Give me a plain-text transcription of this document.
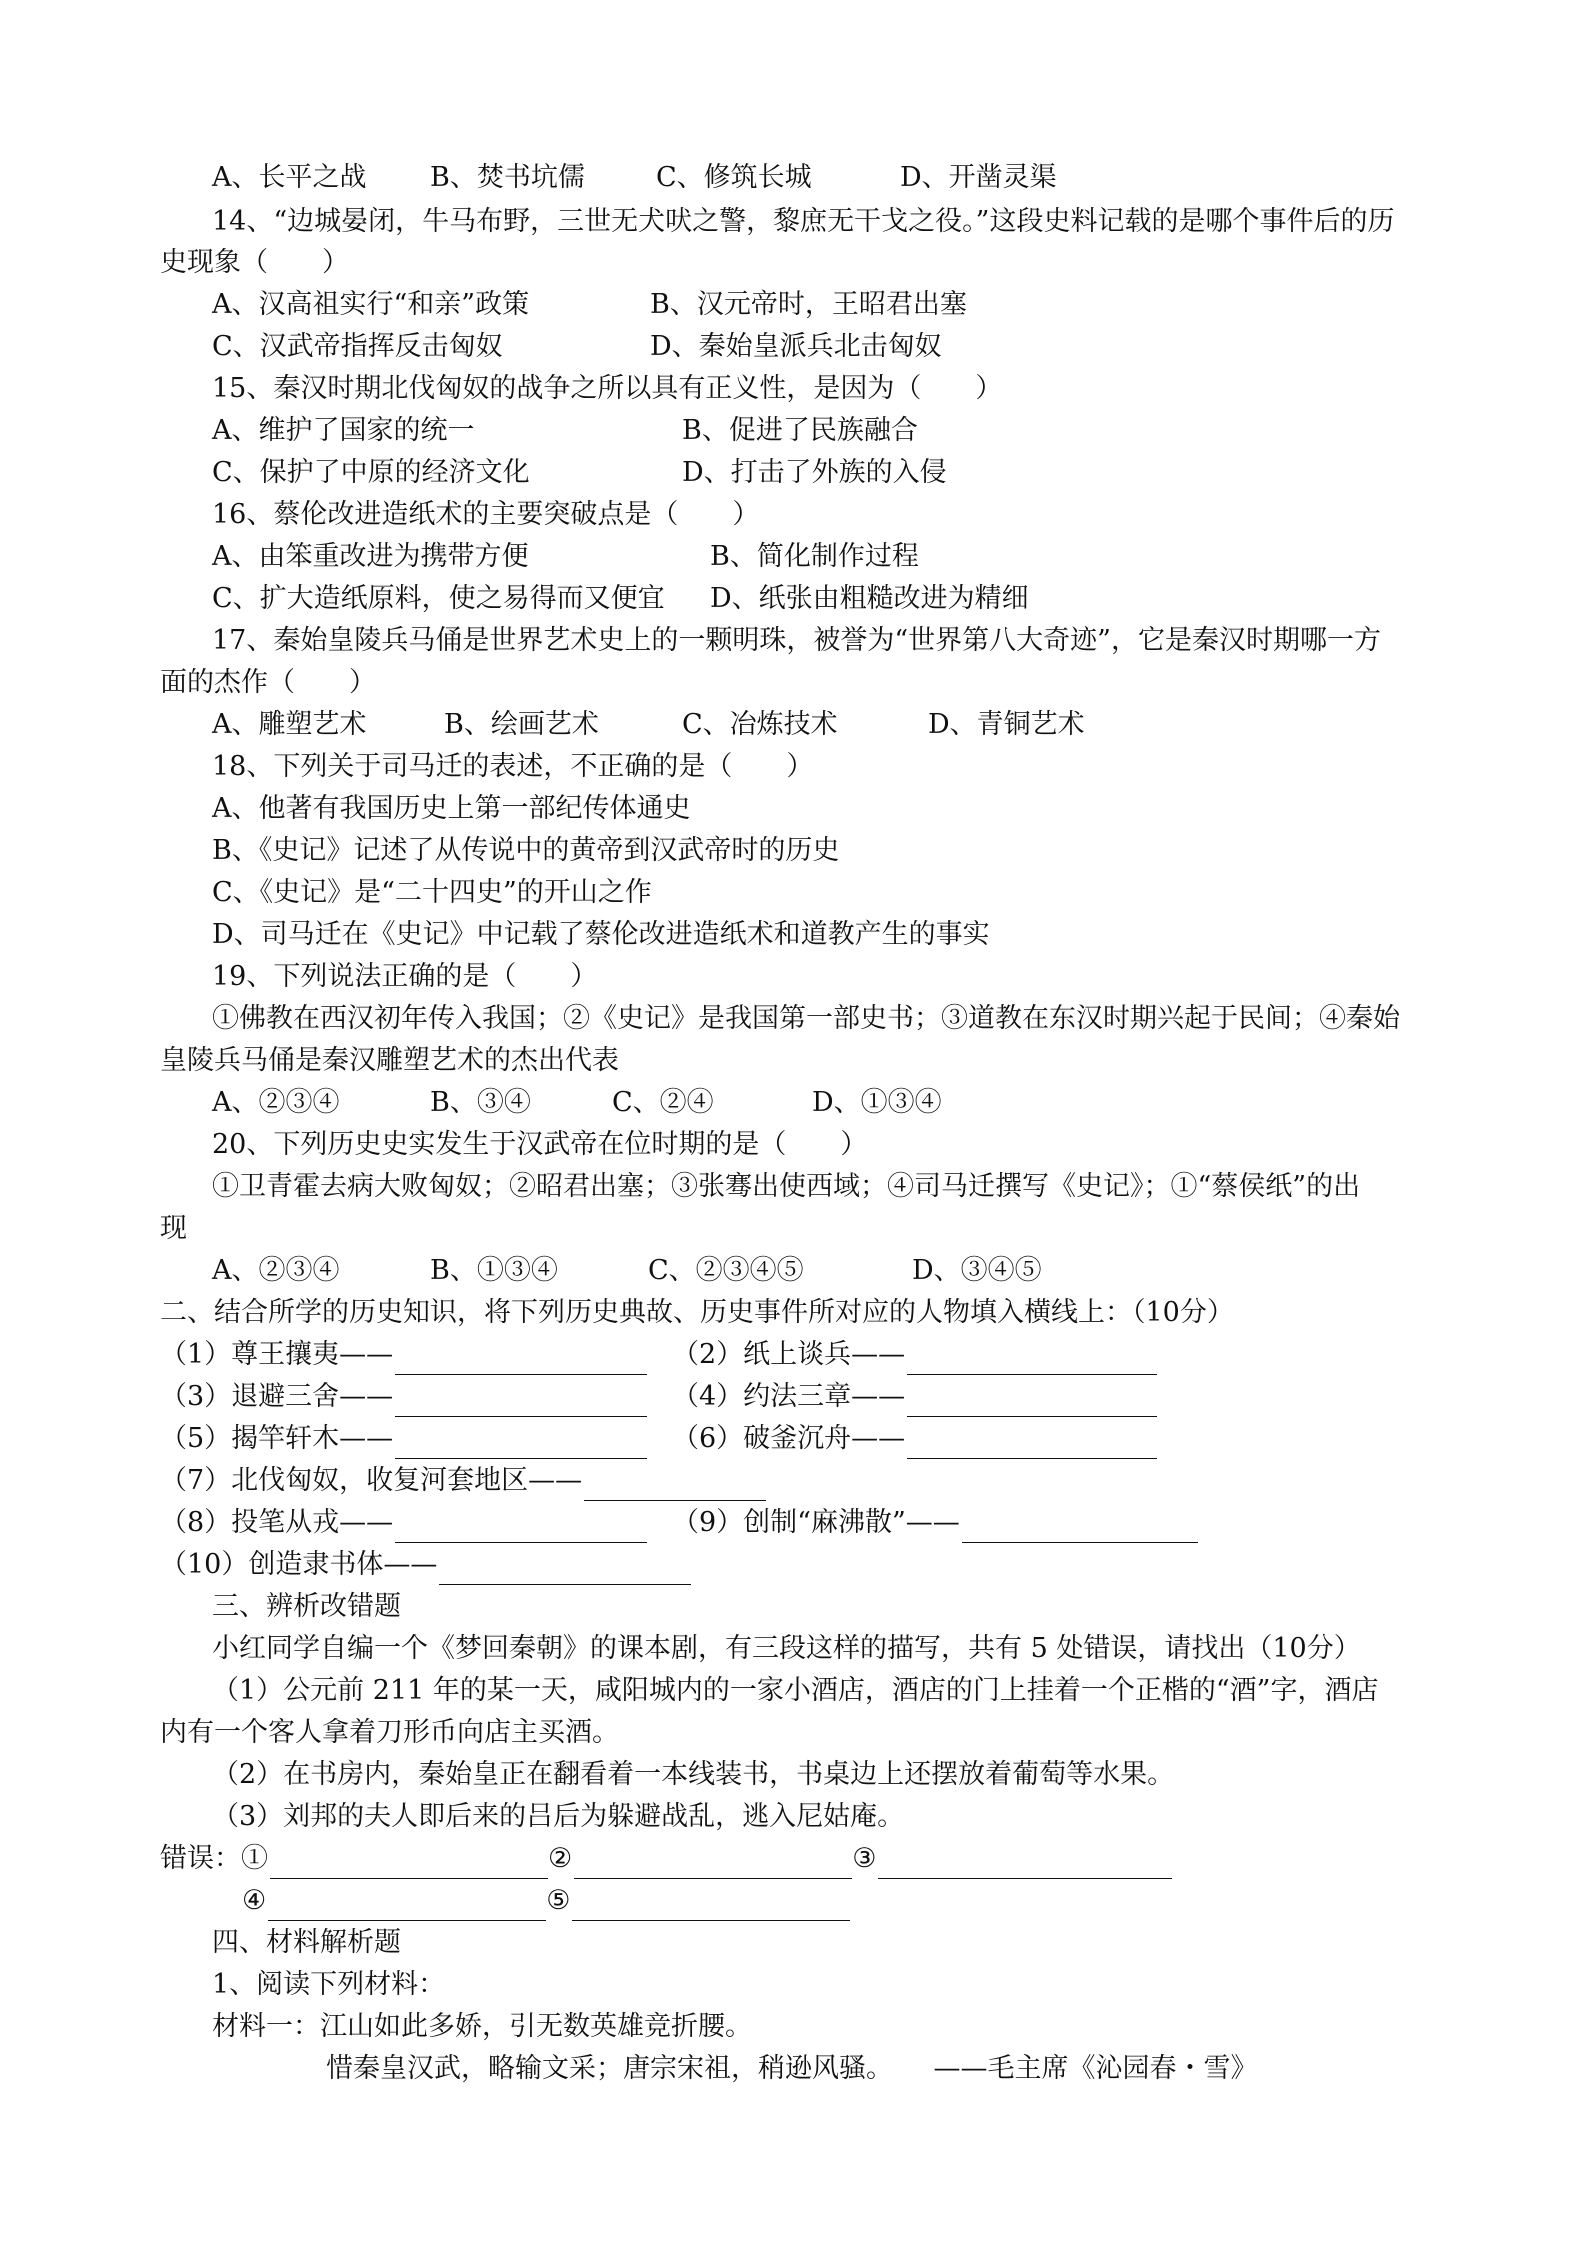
A、长平之战 B、焚书坑儒	C、修筑长城	D、开凿灵渠
14、“边城晏闭，牛马布野，三世无犬吠之警，黎庶无干戈之役。”这段史料记载的是哪个事件后的历
史现象（　　）
A、汉高祖实行“和亲”政策	B、汉元帝时，王昭君出塞
C、汉武帝指挥反击匈奴	D、秦始皇派兵北击匈奴
15、秦汉时期北伐匈奴的战争之所以具有正义性，是因为（　　）
A、维护了国家的统一	B、促进了民族融合
C、保护了中原的经济文化	D、打击了外族的入侵
16、蔡伦改进造纸术的主要突破点是（　　）
A、由笨重改进为携带方便	B、简化制作过程
C、扩大造纸原料，使之易得而又便宜 D、纸张由粗糙改进为精细
17、秦始皇陵兵马俑是世界艺术史上的一颗明珠，被誉为“世界第八大奇迹”，它是秦汉时期哪一方
面的杰作（　　）
A、雕塑艺术	B、绘画艺术	C、冶炼技术	D、青铜艺术
18、下列关于司马迁的表述，不正确的是（　　）
A、他著有我国历史上第一部纪传体通史
B、《史记》记述了从传说中的黄帝到汉武帝时的历史
C、《史记》是“二十四史”的开山之作
D、司马迁在《史记》中记载了蔡伦改进造纸术和道教产生的事实
19、下列说法正确的是（　　）
①佛教在西汉初年传入我国；②《史记》是我国第一部史书；③道教在东汉时期兴起于民间；④秦始
皇陵兵马俑是秦汉雕塑艺术的杰出代表
A、②③④	B、③④	C、②④	D、①③④
20、下列历史史实发生于汉武帝在位时期的是（　　）
①卫青霍去病大败匈奴；②昭君出塞；③张骞出使西域；④司马迁撰写《史记》；①“蔡侯纸”的出
现
A、②③④	B、①③④	C、②③④⑤	D、③④⑤
二、结合所学的历史知识，将下列历史典故、历史事件所对应的人物填入横线上：（10分）
（1）尊王攘夷——	（2）纸上谈兵——
（3）退避三舍——	（4）约法三章——
（5）揭竿轩木——	（6）破釜沉舟——
（7）北伐匈奴，收复河套地区——
（8）投笔从戎——	（9）创制“麻沸散”——
（10）创造隶书体——
三、辨析改错题
小红同学自编一个《梦回秦朝》的课本剧，有三段这样的描写，共有 5 处错误，请找出（10分）
（1）公元前 211 年的某一天，咸阳城内的一家小酒店，酒店的门上挂着一个正楷的“酒”字，酒店
内有一个客人拿着刀形币向店主买酒。
（2）在书房内，秦始皇正在翻看着一本线装书，书桌边上还摆放着葡萄等水果。
（3）刘邦的夫人即后来的吕后为躲避战乱，逃入尼姑庵。
错误：①	②	③
④	⑤
四、材料解析题
1、阅读下列材料：
材料一：江山如此多娇，引无数英雄竞折腰。
惜秦皇汉武，略输文采；唐宗宋祖，稍逊风骚。　　——毛主席《沁园春・雪》
